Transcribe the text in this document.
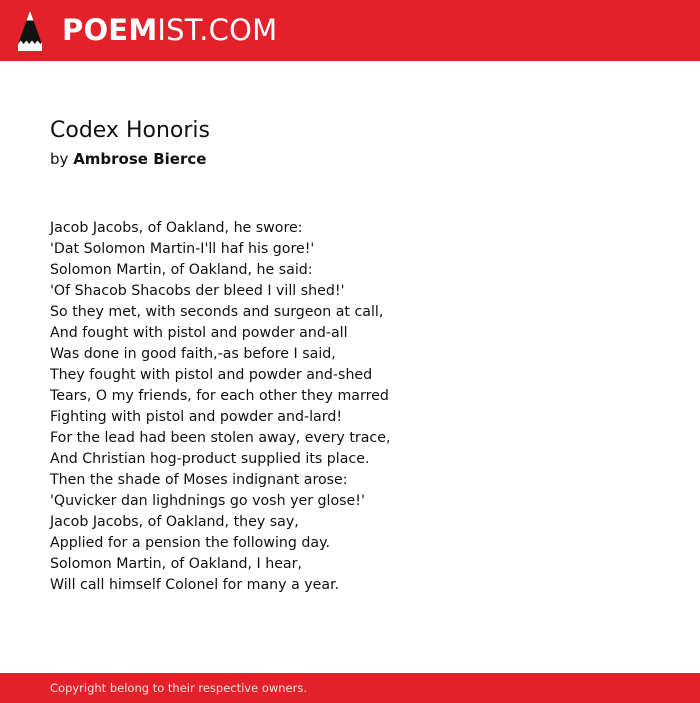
POEMIST.COM
Codex Honoris
by Ambrose Bierce
Jacob Jacobs, of Oakland, he swore:
'Dat Solomon Martin-I'll haf his gore!'
Solomon Martin, of Oakland, he said:
'Of Shacob Shacobs der bleed I vill shed!'
So they met, with seconds and surgeon at call,
And fought with pistol and powder and-all
Was done in good faith,-as before I said,
They fought with pistol and powder and-shed
Tears, O my friends, for each other they marred
Fighting with pistol and powder and-lard!
For the lead had been stolen away, every trace,
And Christian hog-product supplied its place.
Then the shade of Moses indignant arose:
'Quvicker dan lighdnings go vosh yer glose!'
Jacob Jacobs, of Oakland, they say,
Applied for a pension the following day.
Solomon Martin, of Oakland, I hear,
Will call himself Colonel for many a year.
Copyright belong to their respective owners.
